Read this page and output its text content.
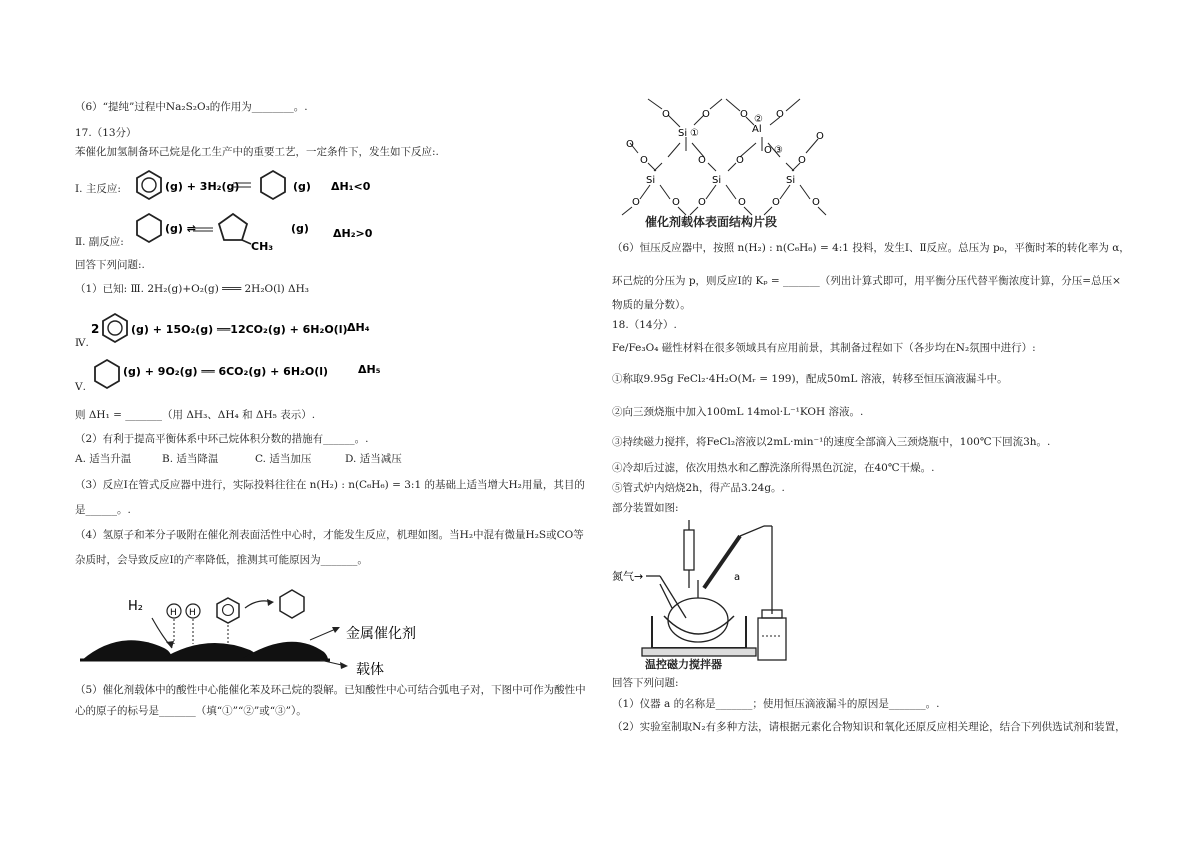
（6）“提纯”过程中Na₂S₂O₃的作用为________。.
17.（13分）
苯催化加氢制备环己烷是化工生产中的重要工艺，一定条件下，发生如下反应:.
Ⅰ. 主反应:	(g) + 3H₂(g)	(g) ΔH₁<0
Ⅱ. 副反应:
(g) ⇌
CH₃
(g) ΔH₂>0
回答下列问题:.
（1）已知: Ⅲ. 2H₂(g)+O₂(g) ═══ 2H₂O(l) ΔH₃
2	(g) + 15O₂(g) ══12CO₂(g) + 6H₂O(l) ΔH₄
Ⅳ.
(g) + 9O₂(g) ══ 6CO₂(g) + 6H₂O(l)	ΔH₅
Ⅴ.
则 ΔH₁ = _______（用 ΔH₃、ΔH₄ 和 ΔH₅ 表示）.
（2）有利于提高平衡体系中环己烷体积分数的措施有______。.
A. 适当升温	B. 适当降温	C. 适当加压	D. 适当减压
（3）反应Ⅰ在管式反应器中进行，实际投料往往在 n(H₂) : n(C₆H₆) = 3:1 的基础上适当增大H₂用量，其目的
是______。.
（4）氢原子和苯分子吸附在催化剂表面活性中心时，才能发生反应，机理如图。当H₂中混有微量H₂S或CO等
杂质时，会导致反应Ⅰ的产率降低，推测其可能原因为_______。
H₂	H H
金属催化剂
载体
（5）催化剂载体中的酸性中心能催化苯及环己烷的裂解。已知酸性中心可结合弧电子对，下图中可作为酸性中
心的原子的标号是_______（填“①”“②”或“③”）。
O	O	O	O
Si ①	Al
②
O
O
O	O	O
O ③
O
Si	Si	Si
O	O O	O	O	O
催化剂载体表面结构片段
（6）恒压反应器中，按照 n(H₂) : n(C₆H₆) = 4:1 投料，发生Ⅰ、Ⅱ反应。总压为 p₀，平衡时苯的转化率为 α，
环己烷的分压为 p，则反应Ⅰ的 Kₚ = _______（列出计算式即可，用平衡分压代替平衡浓度计算，分压=总压×
物质的量分数）。
18.（14分）.
Fe/Fe₃O₄ 磁性材料在很多领域具有应用前景，其制备过程如下（各步均在N₂氛围中进行）:
①称取9.95g FeCl₂·4H₂O(Mᵣ = 199)，配成50mL 溶液，转移至恒压滴液漏斗中。
②向三颈烧瓶中加入100mL 14mol·L⁻¹KOH 溶液。.
③持续磁力搅拌，将FeCl₂溶液以2mL·min⁻¹的速度全部滴入三颈烧瓶中，100℃下回流3h。.
④冷却后过滤，依次用热水和乙醇洗涤所得黑色沉淀，在40℃干燥。.
⑤管式炉内焙烧2h，得产品3.24g。.
部分装置如图:
氮气→	a
温控磁力搅拌器
回答下列问题:
（1）仪器 a 的名称是_______；使用恒压滴液漏斗的原因是_______。.
（2）实验室制取N₂有多种方法，请根据元素化合物知识和氧化还原反应相关理论，结合下列供选试剂和装置，
